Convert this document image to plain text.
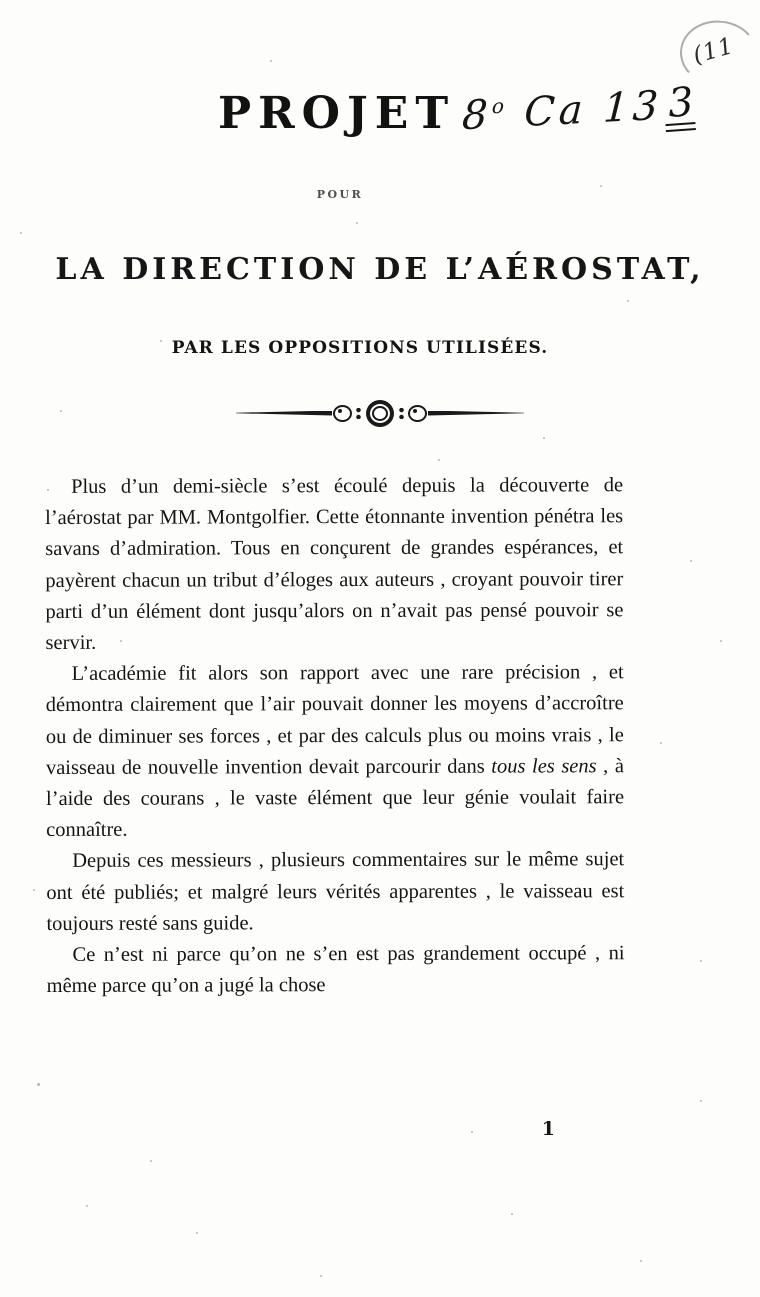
(11
PROJET 8$^o$ Ca 13 3
POUR
LA DIRECTION DE L’AÉROSTAT,
PAR LES OPPOSITIONS UTILISÉES.

Plus d’un demi-siècle s’est écoulé depuis la découverte de l’aérostat par MM. Montgolfier. Cette étonnante invention pénétra les savans d’admiration. Tous en conçurent de grandes espérances, et payèrent chacun un tribut d’éloges aux auteurs , croyant pouvoir tirer parti d’un élément dont jusqu’alors on n’avait pas pensé pouvoir se servir.

L’académie fit alors son rapport avec une rare précision , et démontra clairement que l’air pouvait donner les moyens d’accroître ou de diminuer ses forces , et par des calculs plus ou moins vrais , le vaisseau de nouvelle invention devait parcourir dans tous les sens , à l’aide des courans , le vaste élément que leur génie voulait faire connaître.

Depuis ces messieurs , plusieurs commentaires sur le même sujet ont été publiés; et malgré leurs vérités apparentes , le vaisseau est toujours resté sans guide.

Ce n’est ni parce qu’on ne s’en est pas grandement occupé , ni même parce qu’on a jugé la chose

1
